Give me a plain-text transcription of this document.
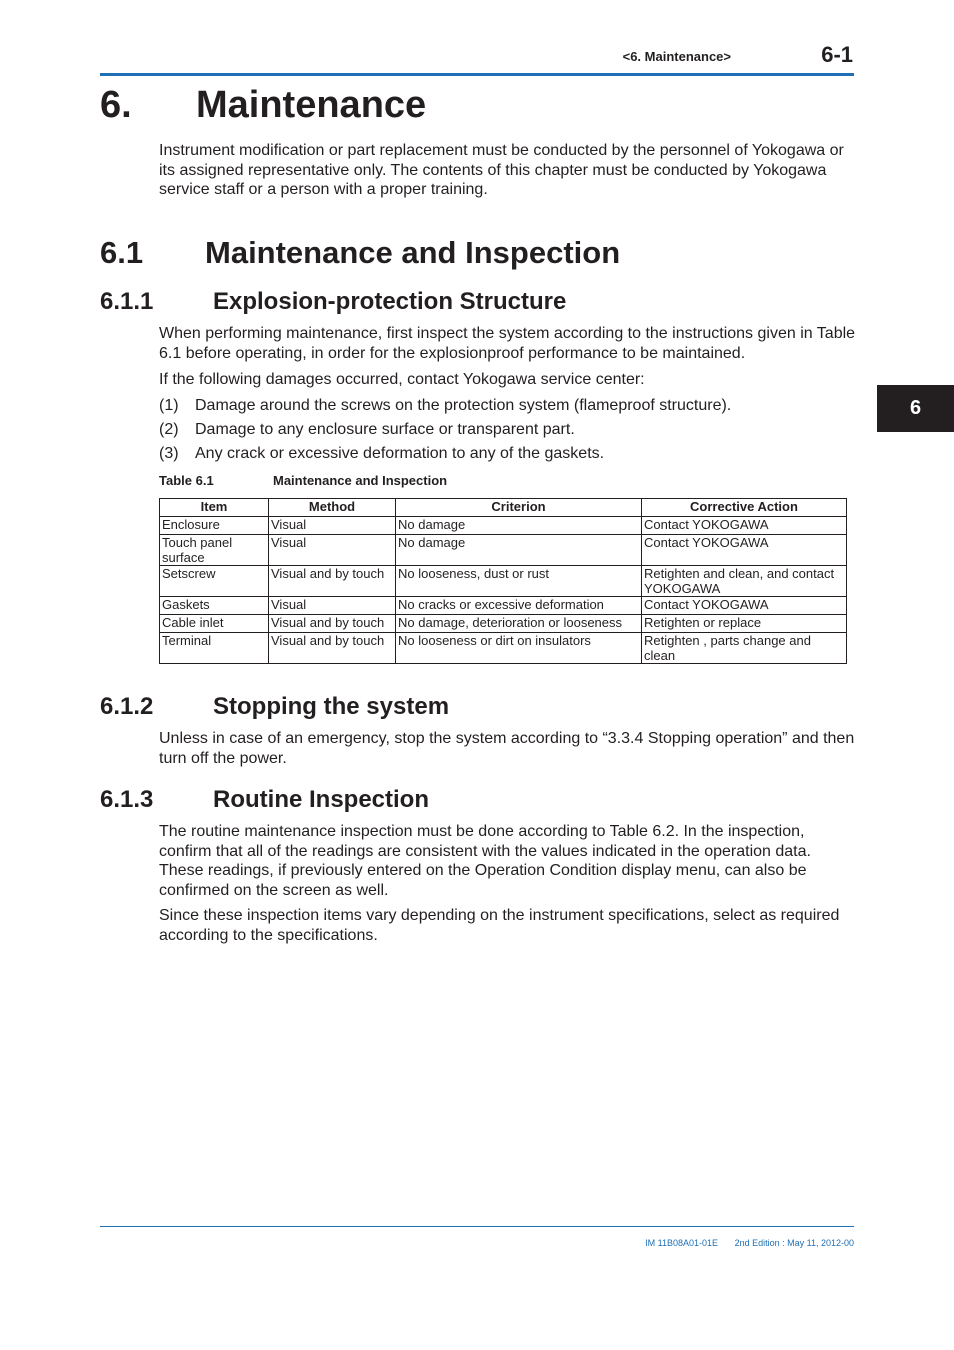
<6. Maintenance>	6-1
6. Maintenance
Instrument modification or part replacement must be conducted by the personnel of Yokogawa or its assigned representative only. The contents of this chapter must be conducted by Yokogawa service staff or a person with a proper training.
6.1 Maintenance and Inspection
6.1.1 Explosion-protection Structure
When performing maintenance, first inspect the system according to the instructions given in Table 6.1 before operating, in order for the explosionproof performance to be maintained.
If the following damages occurred, contact Yokogawa service center:
(1) Damage around the screws on the protection system (flameproof structure).
(2) Damage to any enclosure surface or transparent part.
(3) Any crack or excessive deformation to any of the gaskets.
Table 6.1	Maintenance and Inspection
Item	Method	Criterion	Corrective Action
Enclosure	Visual	No damage	Contact YOKOGAWA
Touch panel surface	Visual	No damage	Contact YOKOGAWA
Setscrew	Visual and by touch	No looseness, dust or rust	Retighten and clean, and contact YOKOGAWA
Gaskets	Visual	No cracks or excessive deformation	Contact YOKOGAWA
Cable inlet	Visual and by touch	No damage, deterioration or looseness	Retighten or replace
Terminal	Visual and by touch	No looseness or dirt on insulators	Retighten , parts change and clean
6.1.2 Stopping the system
Unless in case of an emergency, stop the system according to “3.3.4 Stopping operation” and then turn off the power.
6.1.3 Routine Inspection
The routine maintenance inspection must be done according to Table 6.2. In the inspection, confirm that all of the readings are consistent with the values indicated in the operation data. These readings, if previously entered on the Operation Condition display menu, can also be confirmed on the screen as well.
Since these inspection items vary depending on the instrument specifications, select as required according to the specifications.
6
IM 11B08A01-01E	2nd Edition : May 11, 2012-00
